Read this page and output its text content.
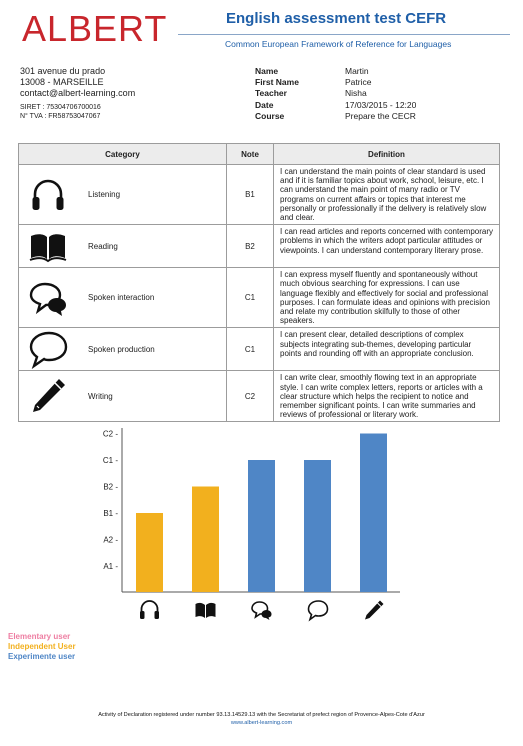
ALBERT	English assessment test CEFR
Common European Framework of Reference for Languages
301 avenue du prado
13008 - MARSEILLE
contact@albert-learning.com
SIRET : 75304706700016
N° TVA : FR58753047067
Name	Martin
First Name	Patrice
Teacher	Nisha
Date	17/03/2015 - 12:20
Course	Prepare the CECR
Category	Note	Definition

Listening	B1	I can understand the main points of clear standard is used and if it is familiar topics about work, school, leisure, etc. I can understand the main point of many radio or TV programs on current affairs or topics that interest me personally or professionally if the delivery is relatively slow and clear.

Reading	B2	I can read articles and reports concerned with contemporary problems in which the writers adopt particular attitudes or viewpoints. I can understand contemporary literary prose.

Spoken interaction	C1	I can express myself fluently and spontaneously without much obvious searching for expressions. I can use language flexibly and effectively for social and professional purposes. I can formulate ideas and opinions with precision and relate my contribution skilfully to those of other speakers.

Spoken production	C1	I can present clear, detailed descriptions of complex subjects integrating sub-themes, developing particular points and rounding off with an appropriate conclusion.

Writing	C2	I can write clear, smoothly flowing text in an appropriate style. I can write complex letters, reports or articles with a clear structure which helps the recipient to notice and remember significant points. I can write summaries and reviews of professional or literary work.
A1 -
A2 -
B1 -
B2 -
C1 -
C2 -
Elementary user
Independent User
Experimente user
Activity of Declaration registered under number 93.13.14529.13 with the Secretariat of prefect region of Provence-Alpes-Cote d'Azur
www.albert-learning.com
